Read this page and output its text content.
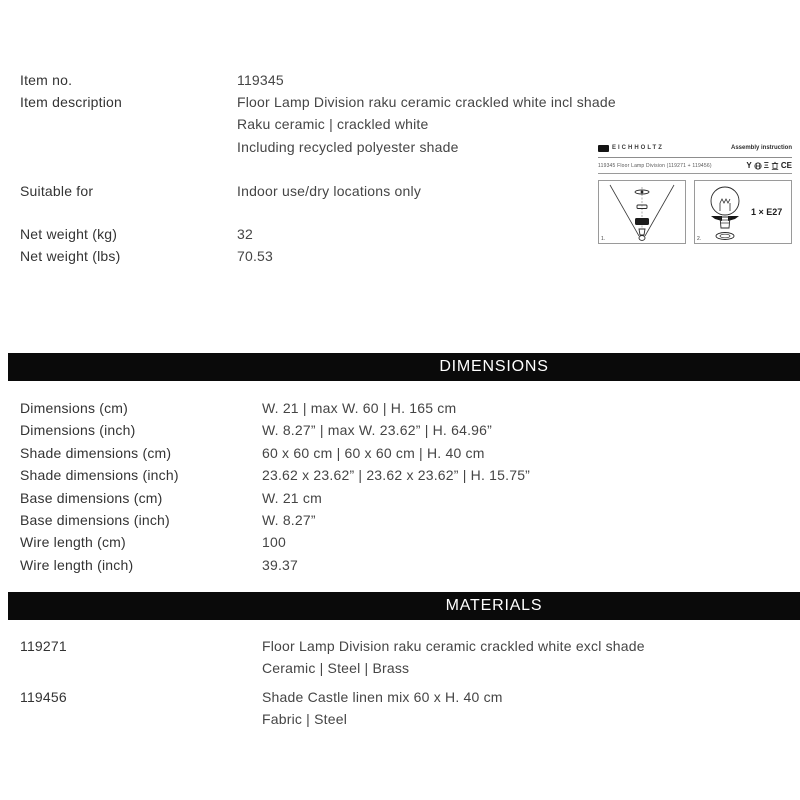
Item no.	119345
Item description	Floor Lamp Division raku ceramic crackled white incl shade
Raku ceramic | crackled white
Including recycled polyester shade
Suitable for	Indoor use/dry locations only
Net weight (kg)	32
Net weight (lbs)	70.53
EICHHOLTZ	Assembly instruction
119345 Floor Lamp Division (119271 + 119456)	Y Ξ CE
1.
1 × E27
2.
DIMENSIONS
Dimensions (cm)	W. 21 | max W. 60 | H. 165 cm
Dimensions (inch)	W. 8.27” | max W. 23.62” | H. 64.96”
Shade dimensions (cm)	60 x 60 cm | 60 x 60 cm | H. 40 cm
Shade dimensions (inch)	23.62 x 23.62” | 23.62 x 23.62” | H. 15.75”
Base dimensions (cm)	W. 21 cm
Base dimensions (inch)	W. 8.27”
Wire length (cm)	100
Wire length (inch)	39.37
MATERIALS
119271	Floor Lamp Division raku ceramic crackled white excl shade
Ceramic | Steel | Brass
119456	Shade Castle linen mix 60 x H. 40 cm
Fabric | Steel
